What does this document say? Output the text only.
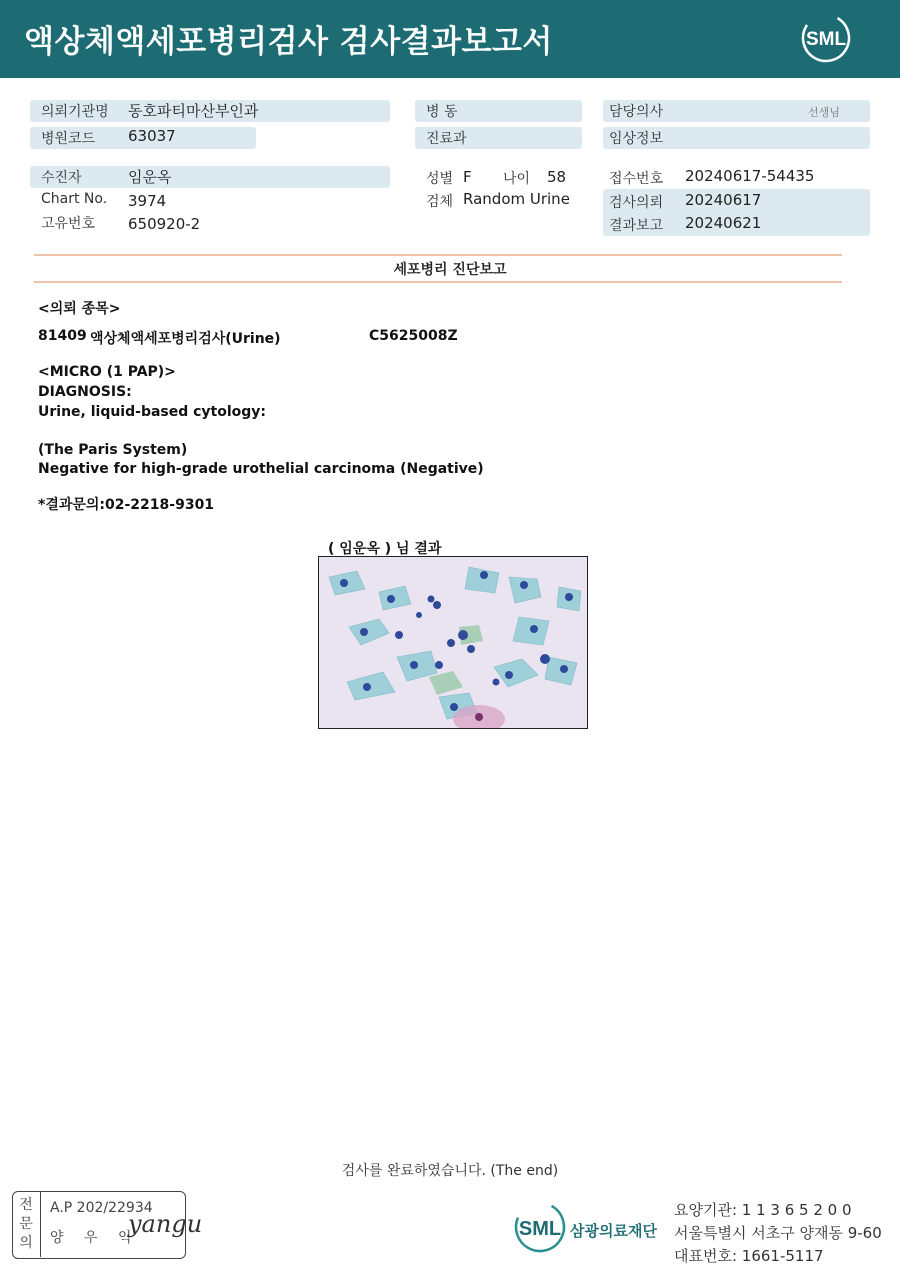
액상체액세포병리검사 검사결과보고서	SML
의뢰기관명 동호파티마산부인과
병원코드 63037
수진자	임운옥
Chart No. 3974
고유번호 650920-2
병 동
진료과
성별 F 나이 58
검체 Random Urine
담당의사	선생님
임상정보
접수번호 20240617-54435
검사의뢰 20240617
결과보고 20240621
세포병리 진단보고
<의뢰 종목>
81409 액상체액세포병리검사(Urine)	C5625008Z
<MICRO (1 PAP)>
DIAGNOSIS:
Urine, liquid-based cytology:
(The Paris System)
Negative for high-grade urothelial carcinoma (Negative)
*결과문의:02-2218-9301
( 임운옥 ) 님 결과
검사를 완료하였습니다. (The end)
전
문
의
A.P 202/22934
양 우 익
yangu	SML 삼광의료재단
요양기관: 1 1 3 6 5 2 0 0
서울특별시 서초구 양재동 9-60
대표번호: 1661-5117
